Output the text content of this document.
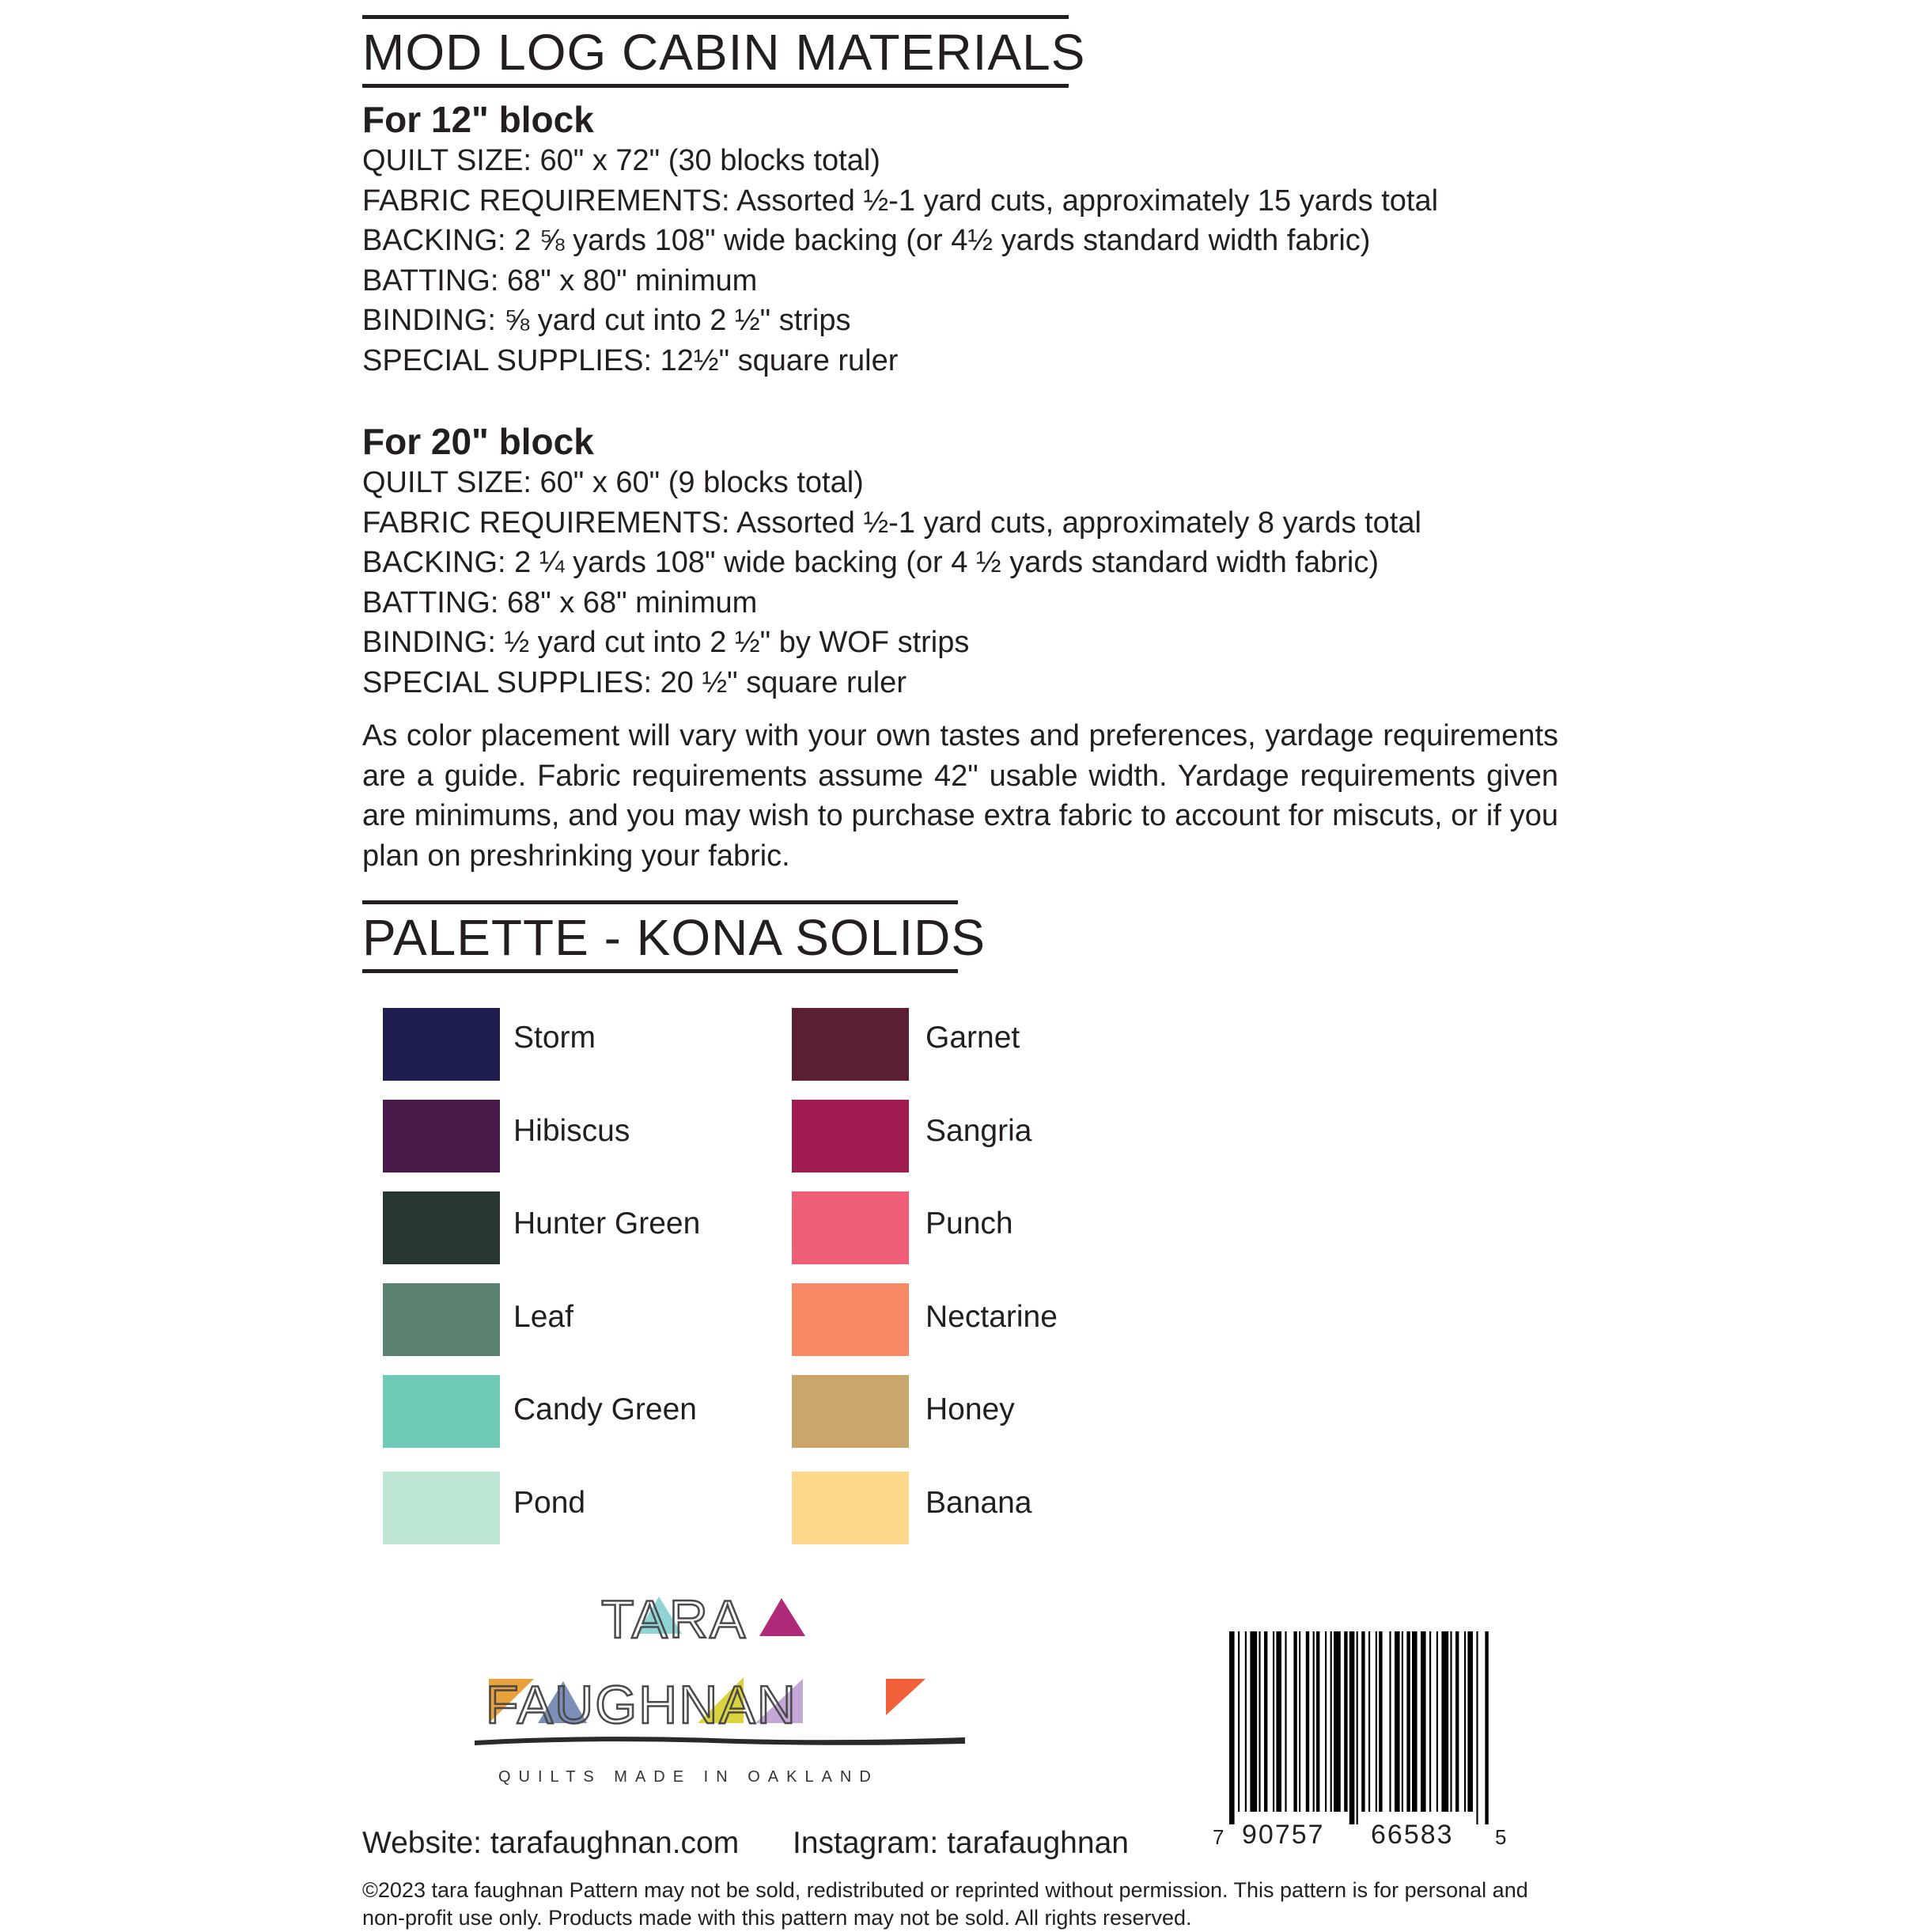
MOD LOG CABIN MATERIALS
For 12" block
QUILT SIZE: 60" x 72" (30 blocks total)
FABRIC REQUIREMENTS: Assorted ½-1 yard cuts, approximately 15 yards total
BACKING: 2 ⅝ yards 108" wide backing (or 4½ yards standard width fabric)
BATTING: 68" x 80" minimum
BINDING: ⅝ yard cut into 2 ½" strips
SPECIAL SUPPLIES: 12½" square ruler
For 20" block
QUILT SIZE: 60" x 60" (9 blocks total)
FABRIC REQUIREMENTS: Assorted ½-1 yard cuts, approximately 8 yards total
BACKING: 2 ¼ yards 108" wide backing (or 4 ½ yards standard width fabric)
BATTING: 68" x 68" minimum
BINDING: ½ yard cut into 2 ½" by WOF strips
SPECIAL SUPPLIES: 20 ½" square ruler
As color placement will vary with your own tastes and preferences, yardage requirements are a guide. Fabric requirements assume 42" usable width. Yardage requirements given are minimums, and you may wish to purchase extra fabric to account for miscuts, or if you plan on preshrinking your fabric.
PALETTE - KONA SOLIDS
Storm
Hibiscus
Hunter Green
Leaf
Candy Green
Pond
Garnet
Sangria
Punch
Nectarine
Honey
Banana
TARA
FAUGHNAN
QUILTS MADE IN OAKLAND
7 90757 66583 5
Website: tarafaughnan.com Instagram: tarafaughnan
©2023 tara faughnan Pattern may not be sold, redistributed or reprinted without permission. This pattern is for personal and non-profit use only. Products made with this pattern may not be sold. All rights reserved.
